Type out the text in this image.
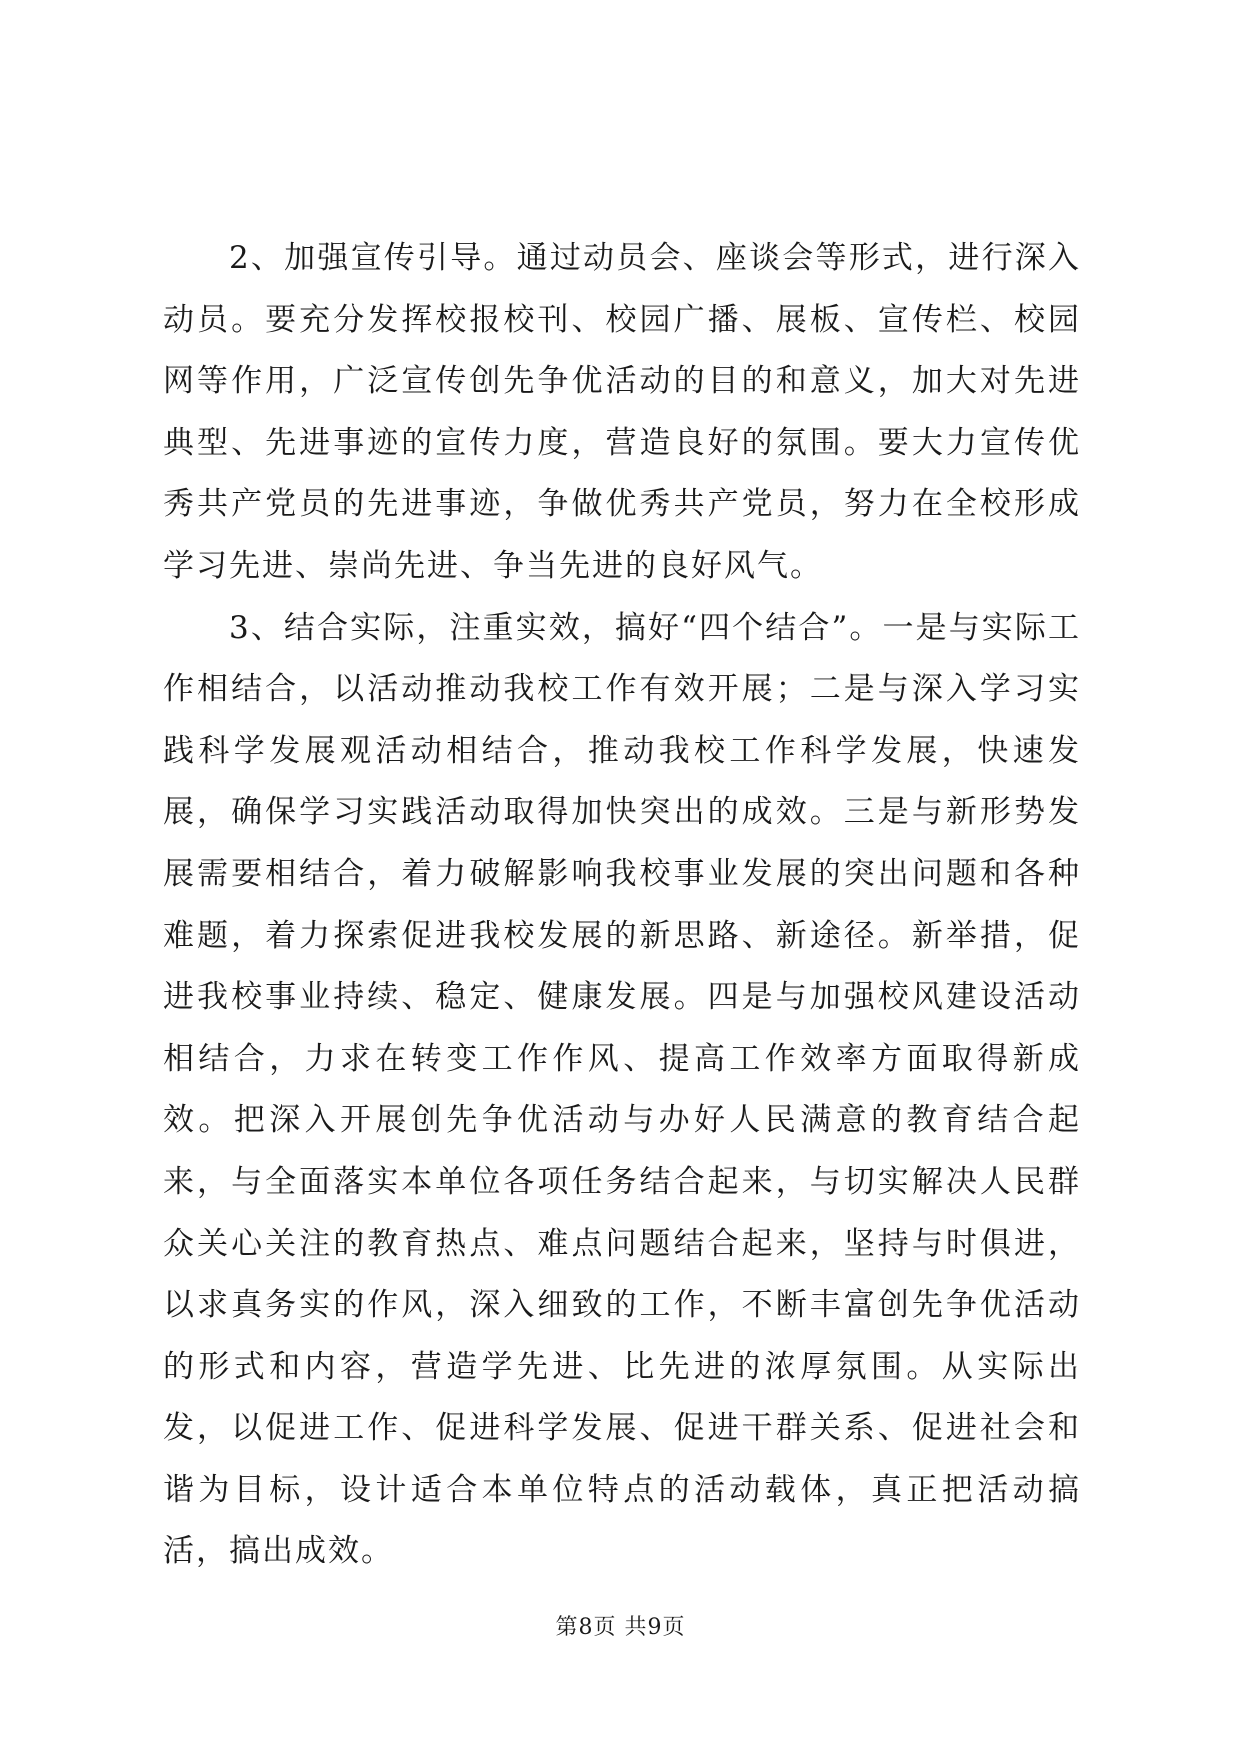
2、加强宣传引导。通过动员会、座谈会等形式，进行深入动员。要充分发挥校报校刊、校园广播、展板、宣传栏、校园网等作用，广泛宣传创先争优活动的目的和意义，加大对先进典型、先进事迹的宣传力度，营造良好的氛围。要大力宣传优秀共产党员的先进事迹，争做优秀共产党员，努力在全校形成学习先进、崇尚先进、争当先进的良好风气。

3、结合实际，注重实效，搞好“四个结合”。一是与实际工作相结合，以活动推动我校工作有效开展；二是与深入学习实践科学发展观活动相结合，推动我校工作科学发展，快速发展，确保学习实践活动取得加快突出的成效。三是与新形势发展需要相结合，着力破解影响我校事业发展的突出问题和各种难题，着力探索促进我校发展的新思路、新途径。新举措，促进我校事业持续、稳定、健康发展。四是与加强校风建设活动相结合，力求在转变工作作风、提高工作效率方面取得新成效。把深入开展创先争优活动与办好人民满意的教育结合起来，与全面落实本单位各项任务结合起来，与切实解决人民群众关心关注的教育热点、难点问题结合起来，坚持与时俱进，以求真务实的作风，深入细致的工作，不断丰富创先争优活动的形式和内容，营造学先进、比先进的浓厚氛围。从实际出发，以促进工作、促进科学发展、促进干群关系、促进社会和谐为目标，设计适合本单位特点的活动载体，真正把活动搞活，搞出成效。

第8页 共9页
